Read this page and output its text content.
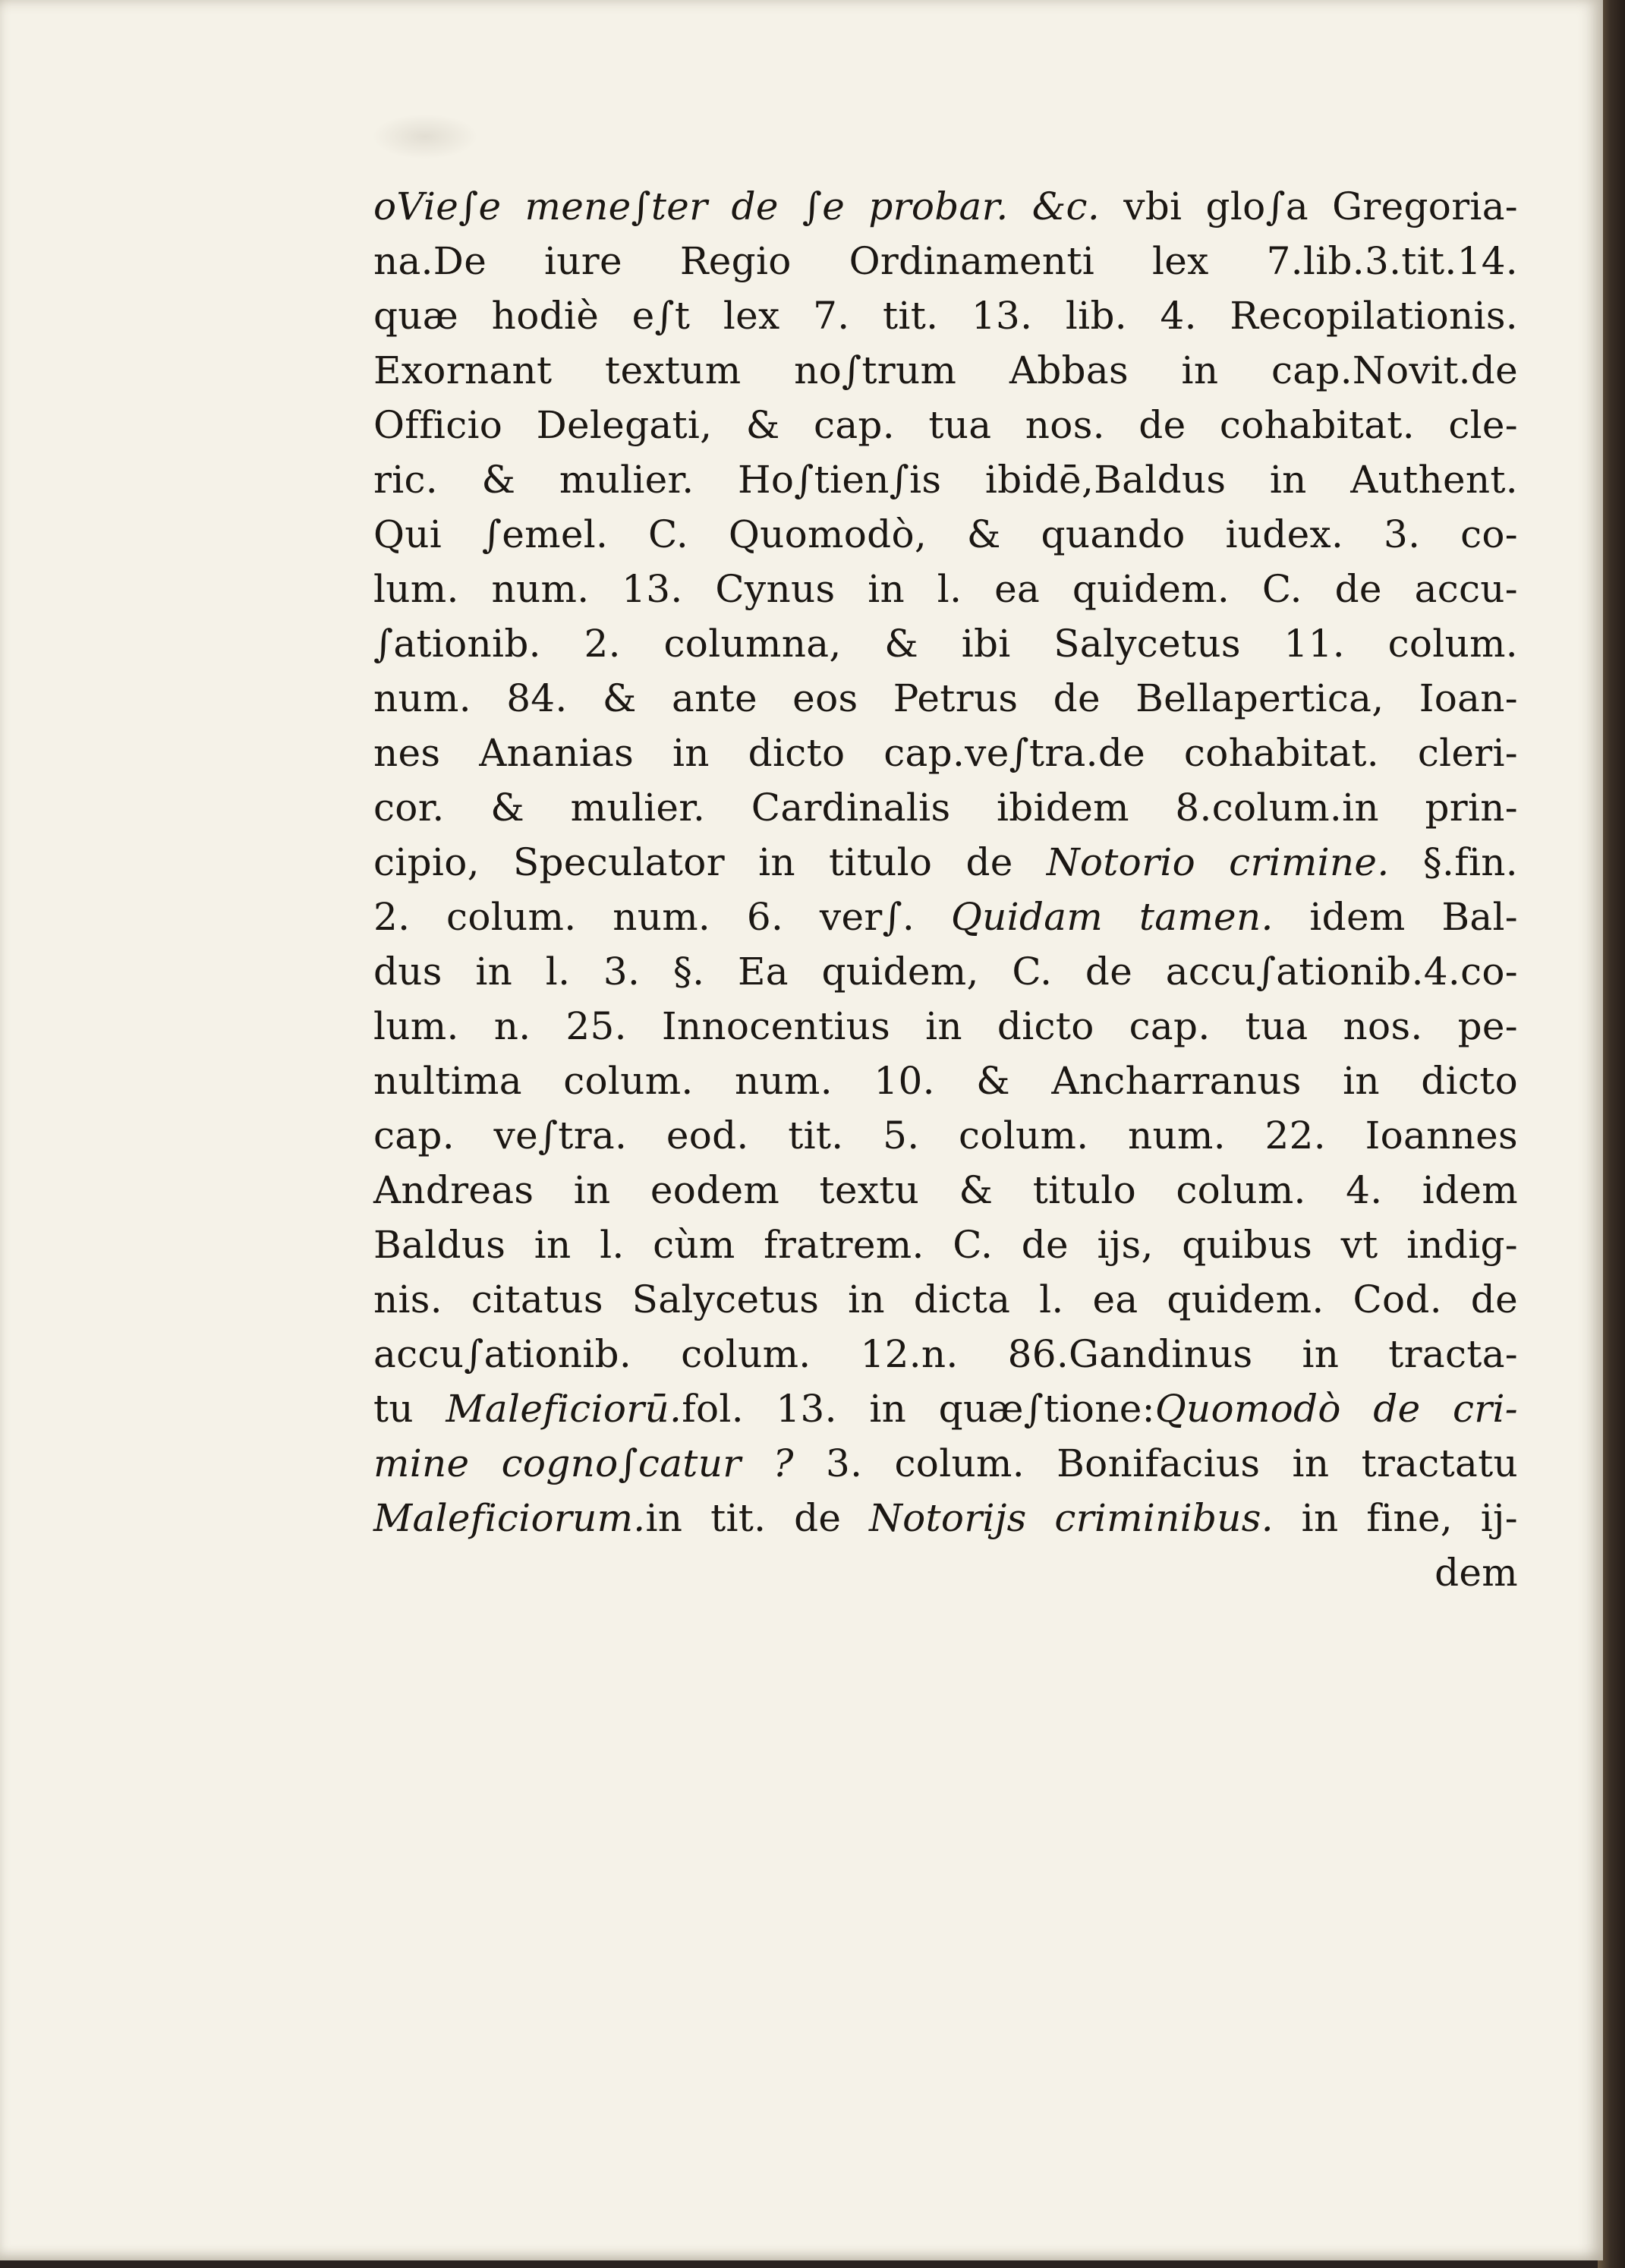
oVie∫e mene∫ter de ∫e probar. &c. vbi glo∫a Gregoria-
na.De iure Regio Ordinamenti lex 7.lib.3.tit.14.
quæ hodiè e∫t lex 7. tit. 13. lib. 4. Recopilationis.
Exornant textum no∫trum Abbas in cap.Novit.de
Officio Delegati, & cap. tua nos. de cohabitat. cle-
ric. & mulier. Ho∫tien∫is ibidē,Baldus in Authent.
Qui ∫emel. C. Quomodò, & quando iudex. 3. co-
lum. num. 13. Cynus in l. ea quidem. C. de accu-
∫ationib. 2. columna, & ibi Salycetus 11. colum.
num. 84. & ante eos Petrus de Bellapertica, Ioan-
nes Ananias in dicto cap.ve∫tra.de cohabitat. cleri-
cor. & mulier. Cardinalis ibidem 8.colum.in prin-
cipio, Speculator in titulo de Notorio crimine. §.fin.
2. colum. num. 6. ver∫. Quidam tamen. idem Bal-
dus in l. 3. §. Ea quidem, C. de accu∫ationib.4.co-
lum. n. 25. Innocentius in dicto cap. tua nos. pe-
nultima colum. num. 10. & Ancharranus in dicto
cap. ve∫tra. eod. tit. 5. colum. num. 22. Ioannes
Andreas in eodem textu & titulo colum. 4. idem
Baldus in l. cùm fratrem. C. de ijs, quibus vt indig-
nis. citatus Salycetus in dicta l. ea quidem. Cod. de
accu∫ationib. colum. 12.n. 86.Gandinus in tracta-
tu Maleficiorū.fol. 13. in quæ∫tione:Quomodò de cri-
mine cogno∫catur ? 3. colum. Bonifacius in tractatu
Maleficiorum.in tit. de Notorijs criminibus. in fine, ij-
dem
